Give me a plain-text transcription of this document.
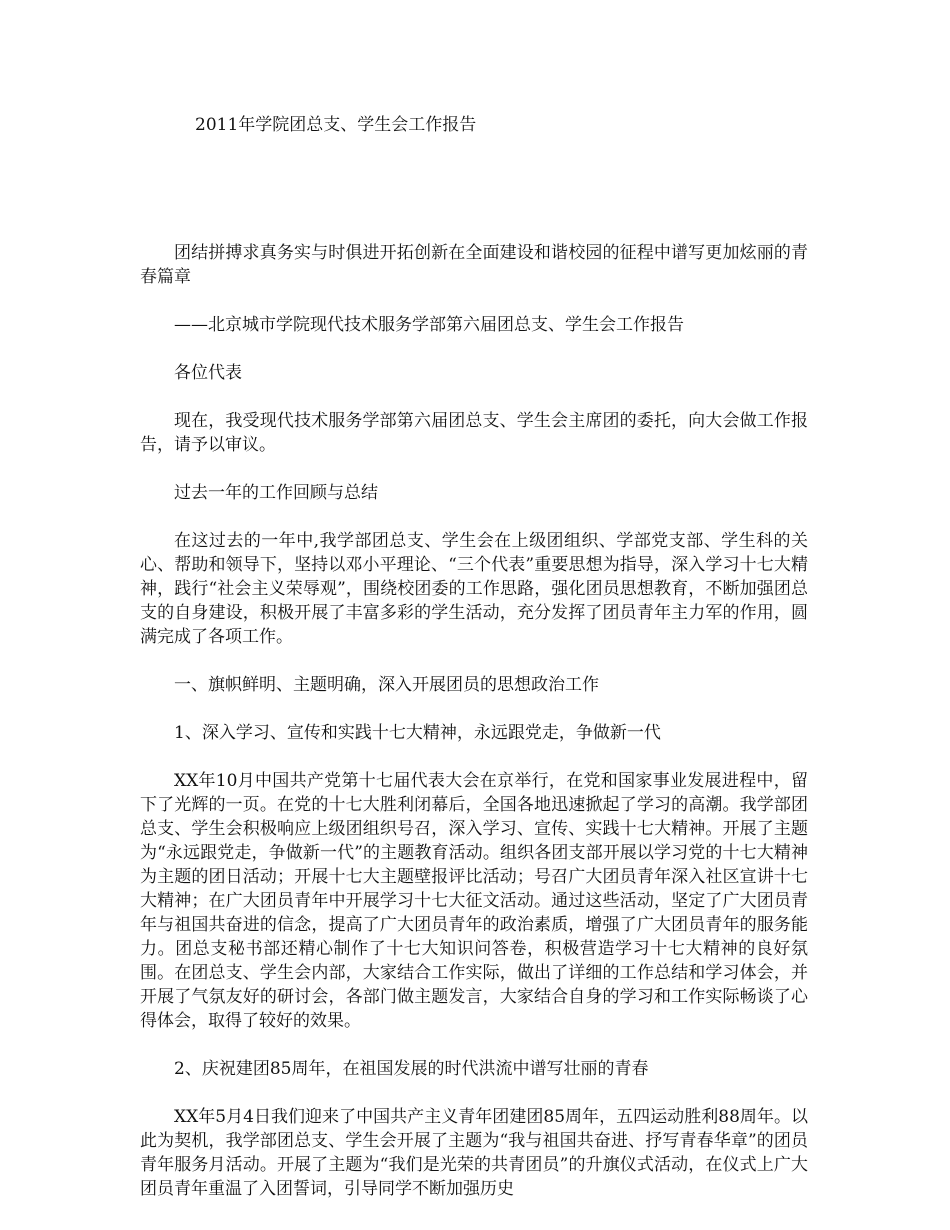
2011年学院团总支、学生会工作报告

团结拼搏求真务实与时俱进开拓创新在全面建设和谐校园的征程中谱写更加炫丽的青春篇章

——北京城市学院现代技术服务学部第六届团总支、学生会工作报告

各位代表

现在，我受现代技术服务学部第六届团总支、学生会主席团的委托，向大会做工作报告，请予以审议。

过去一年的工作回顾与总结

在这过去的一年中,我学部团总支、学生会在上级团组织、学部党支部、学生科的关心、帮助和领导下，坚持以邓小平理论、“三个代表”重要思想为指导，深入学习十七大精神，践行“社会主义荣辱观”，围绕校团委的工作思路，强化团员思想教育，不断加强团总支的自身建设，积极开展了丰富多彩的学生活动，充分发挥了团员青年主力军的作用，圆满完成了各项工作。

一、旗帜鲜明、主题明确，深入开展团员的思想政治工作

1、深入学习、宣传和实践十七大精神，永远跟党走，争做新一代

XX年10月中国共产党第十七届代表大会在京举行，在党和国家事业发展进程中，留下了光辉的一页。在党的十七大胜利闭幕后，全国各地迅速掀起了学习的高潮。我学部团总支、学生会积极响应上级团组织号召，深入学习、宣传、实践十七大精神。开展了主题为“永远跟党走，争做新一代”的主题教育活动。组织各团支部开展以学习党的十七大精神为主题的团日活动；开展十七大主题壁报评比活动；号召广大团员青年深入社区宣讲十七大精神；在广大团员青年中开展学习十七大征文活动。通过这些活动，坚定了广大团员青年与祖国共奋进的信念，提高了广大团员青年的政治素质，增强了广大团员青年的服务能力。团总支秘书部还精心制作了十七大知识问答卷，积极营造学习十七大精神的良好氛围。在团总支、学生会内部，大家结合工作实际，做出了详细的工作总结和学习体会，并开展了气氛友好的研讨会，各部门做主题发言，大家结合自身的学习和工作实际畅谈了心得体会，取得了较好的效果。

2、庆祝建团85周年，在祖国发展的时代洪流中谱写壮丽的青春

XX年5月4日我们迎来了中国共产主义青年团建团85周年，五四运动胜利88周年。以此为契机，我学部团总支、学生会开展了主题为“我与祖国共奋进、抒写青春华章”的团员青年服务月活动。开展了主题为“我们是光荣的共青团员”的升旗仪式活动，在仪式上广大团员青年重温了入团誓词，引导同学不断加强历史
